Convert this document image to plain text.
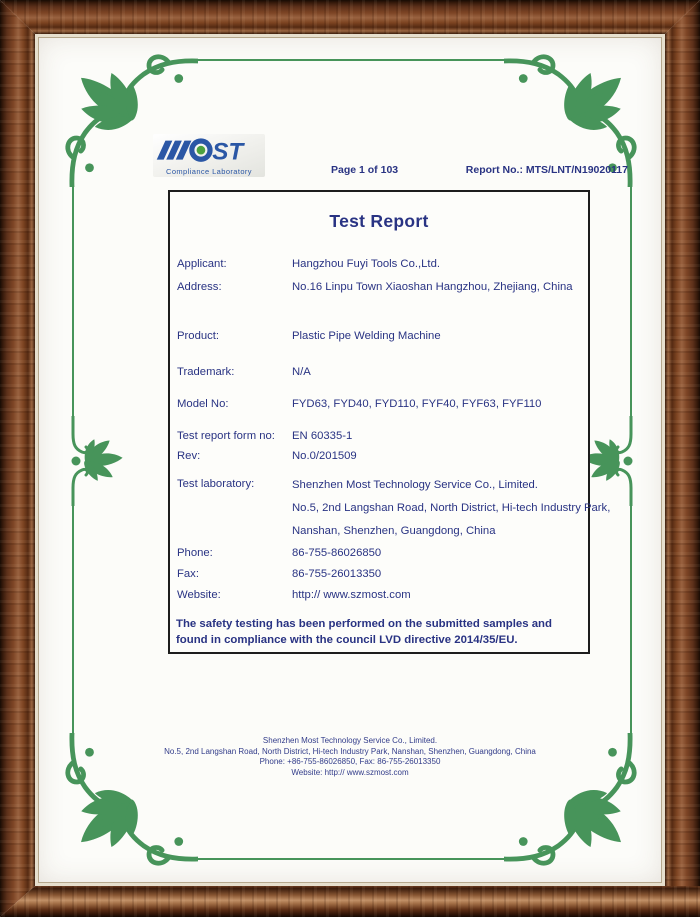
ST
Compliance Laboratory	Page 1 of 103	Report No.: MTS/LNT/N19020117
Test Report
Applicant:	Hangzhou Fuyi Tools Co.,Ltd.
Address:	No.16 Linpu Town Xiaoshan Hangzhou, Zhejiang, China
Product:	Plastic Pipe Welding Machine
Trademark:	N/A
Model No:	FYD63, FYD40, FYD110, FYF40, FYF63, FYF110
Test report form no: EN 60335-1
Rev:	No.0/201509
Test laboratory:	Shenzhen Most Technology Service Co., Limited.
No.5, 2nd Langshan Road, North District, Hi-tech Industry Park,
Nanshan, Shenzhen, Guangdong, China
Phone:	86-755-86026850
Fax:	86-755-26013350
Website:	http:// www.szmost.com
The safety testing has been performed on the submitted samples and found in compliance with the council LVD directive 2014/35/EU.
Shenzhen Most Technology Service Co., Limited.
No.5, 2nd Langshan Road, North District, Hi-tech Industry Park, Nanshan, Shenzhen, Guangdong, China
Phone: +86-755-86026850, Fax: 86-755-26013350
Website: http:// www.szmost.com
